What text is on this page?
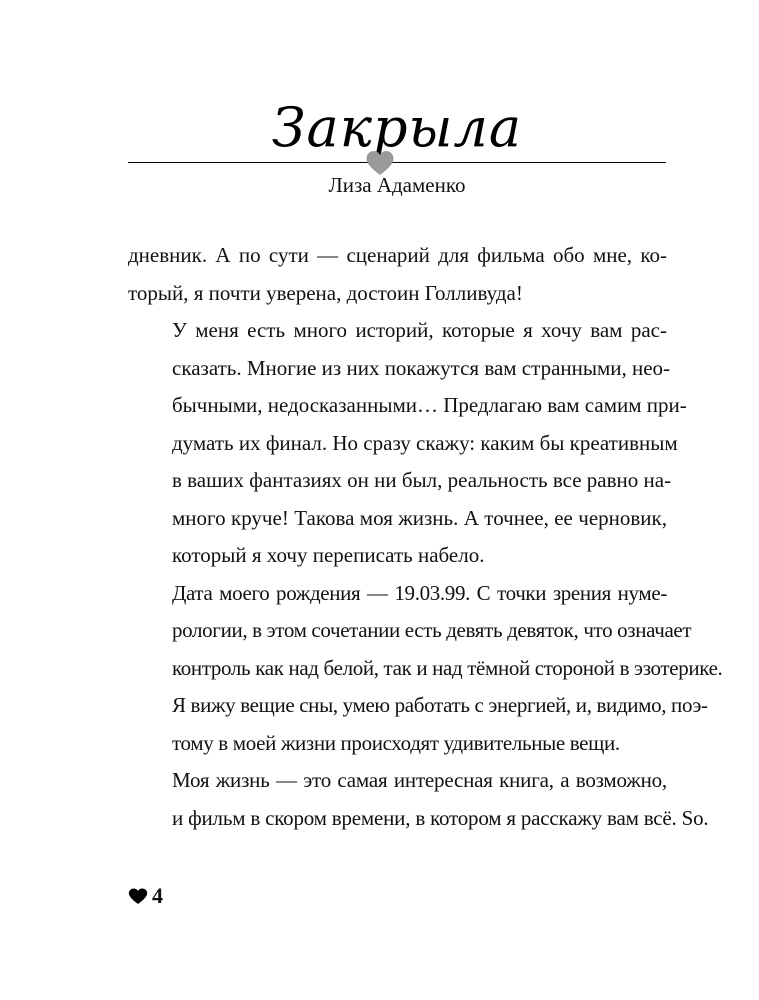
Закрыла
Лиза Адаменко

дневник. А по сути — сценарий для фильма обо мне, ко-
торый, я почти уверена, достоин Голливуда!

У меня есть много историй, которые я хочу вам рас-
сказать. Многие из них покажутся вам странными, нео-
бычными, недосказанными… Предлагаю вам самим при-
думать их финал. Но сразу скажу: каким бы креативным
в ваших фантазиях он ни был, реальность все равно на-
много круче! Такова моя жизнь. А точнее, ее черновик,
который я хочу переписать набело.

Дата моего рождения — 19.03.99. С точки зрения нуме-
рологии, в этом сочетании есть девять девяток, что означает
контроль как над белой, так и над тёмной стороной в эзотерике.
Я вижу вещие сны, умею работать с энергией, и, видимо, поэ-
тому в моей жизни происходят удивительные вещи.

Моя жизнь — это самая интересная книга, а возможно,
и фильм в скором времени, в котором я расскажу вам всё. So.

4
